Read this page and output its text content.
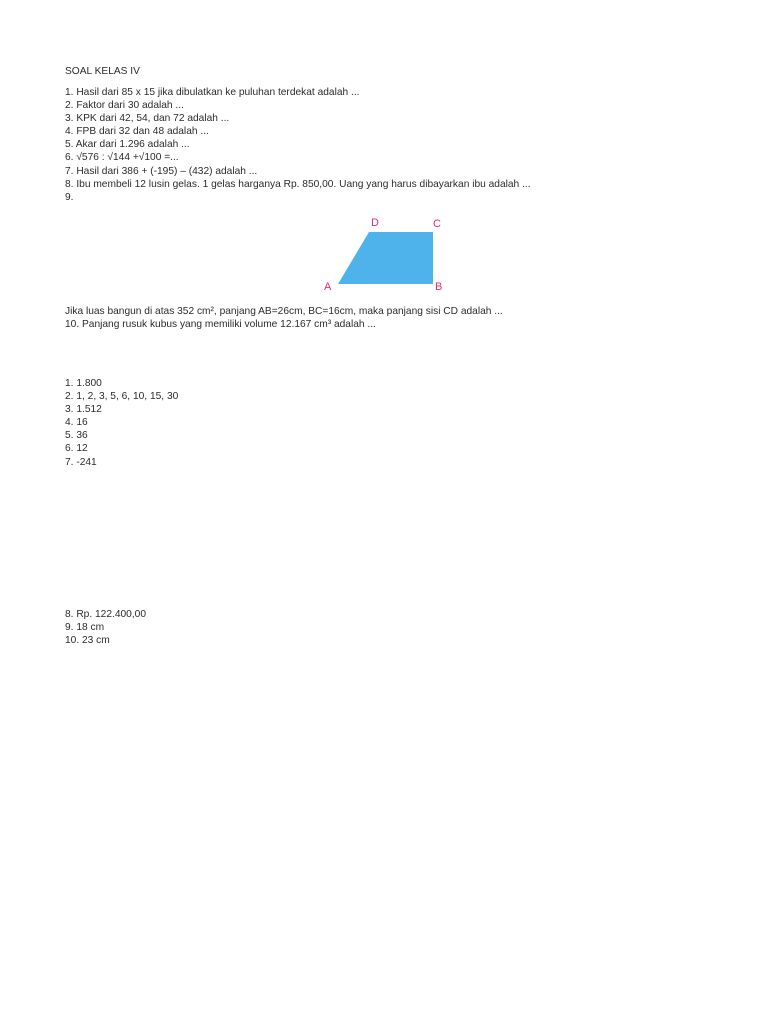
SOAL KELAS IV
1. Hasil dari 85 x 15 jika dibulatkan ke puluhan terdekat adalah ...
2. Faktor dari 30 adalah ...
3. KPK dari 42, 54, dan 72 adalah ...
4. FPB dari 32 dan 48 adalah ...
5. Akar dari 1.296 adalah ...
6. √576 : √144 +√100 =...
7. Hasil dari 386 + (-195) – (432) adalah ...
8. Ibu membeli 12 lusin gelas. 1 gelas harganya Rp. 850,00. Uang yang harus dibayarkan ibu adalah ...
9.
D	C
A	B
Jika luas bangun di atas 352 cm², panjang AB=26cm, BC=16cm, maka panjang sisi CD adalah ...
10. Panjang rusuk kubus yang memiliki volume 12.167 cm³ adalah ...
1. 1.800
2. 1, 2, 3, 5, 6, 10, 15, 30
3. 1.512
4. 16
5. 36
6. 12
7. -241
8. Rp. 122.400,00
9. 18 cm
10. 23 cm
